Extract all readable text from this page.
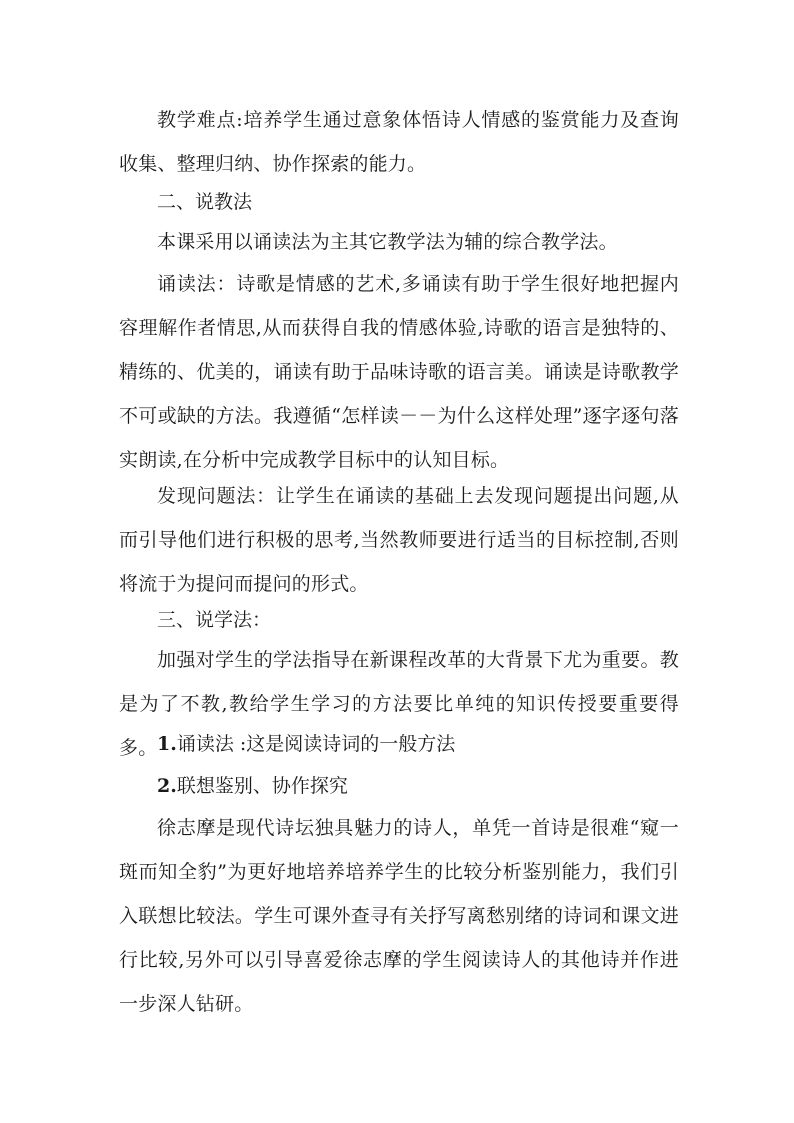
教学难点:培养学生通过意象体悟诗人情感的鉴赏能力及查询收集、整理归纳、协作探索的能力。

二、说教法

本课采用以诵读法为主其它教学法为辅的综合教学法。

诵读法：诗歌是情感的艺术,多诵读有助于学生很好地把握内容理解作者情思,从而获得自我的情感体验,诗歌的语言是独特的、精练的、优美的，诵读有助于品味诗歌的语言美。诵读是诗歌教学不可或缺的方法。我遵循“怎样读－－为什么这样处理”逐字逐句落实朗读,在分析中完成教学目标中的认知目标。

发现问题法：让学生在诵读的基础上去发现问题提出问题,从而引导他们进行积极的思考,当然教师要进行适当的目标控制,否则将流于为提问而提问的形式。

三、说学法：

加强对学生的学法指导在新课程改革的大背景下尤为重要。教是为了不教,教给学生学习的方法要比单纯的知识传授要重要得多。 1.诵读法 :这是阅读诗词的一般方法

2.联想鉴别、协作探究

徐志摩是现代诗坛独具魅力的诗人，单凭一首诗是很难“窥一斑而知全豹”为更好地培养培养学生的比较分析鉴别能力，我们引入联想比较法。学生可课外查寻有关抒写离愁别绪的诗词和课文进行比较,另外可以引导喜爱徐志摩的学生阅读诗人的其他诗并作进一步深人钻研。
